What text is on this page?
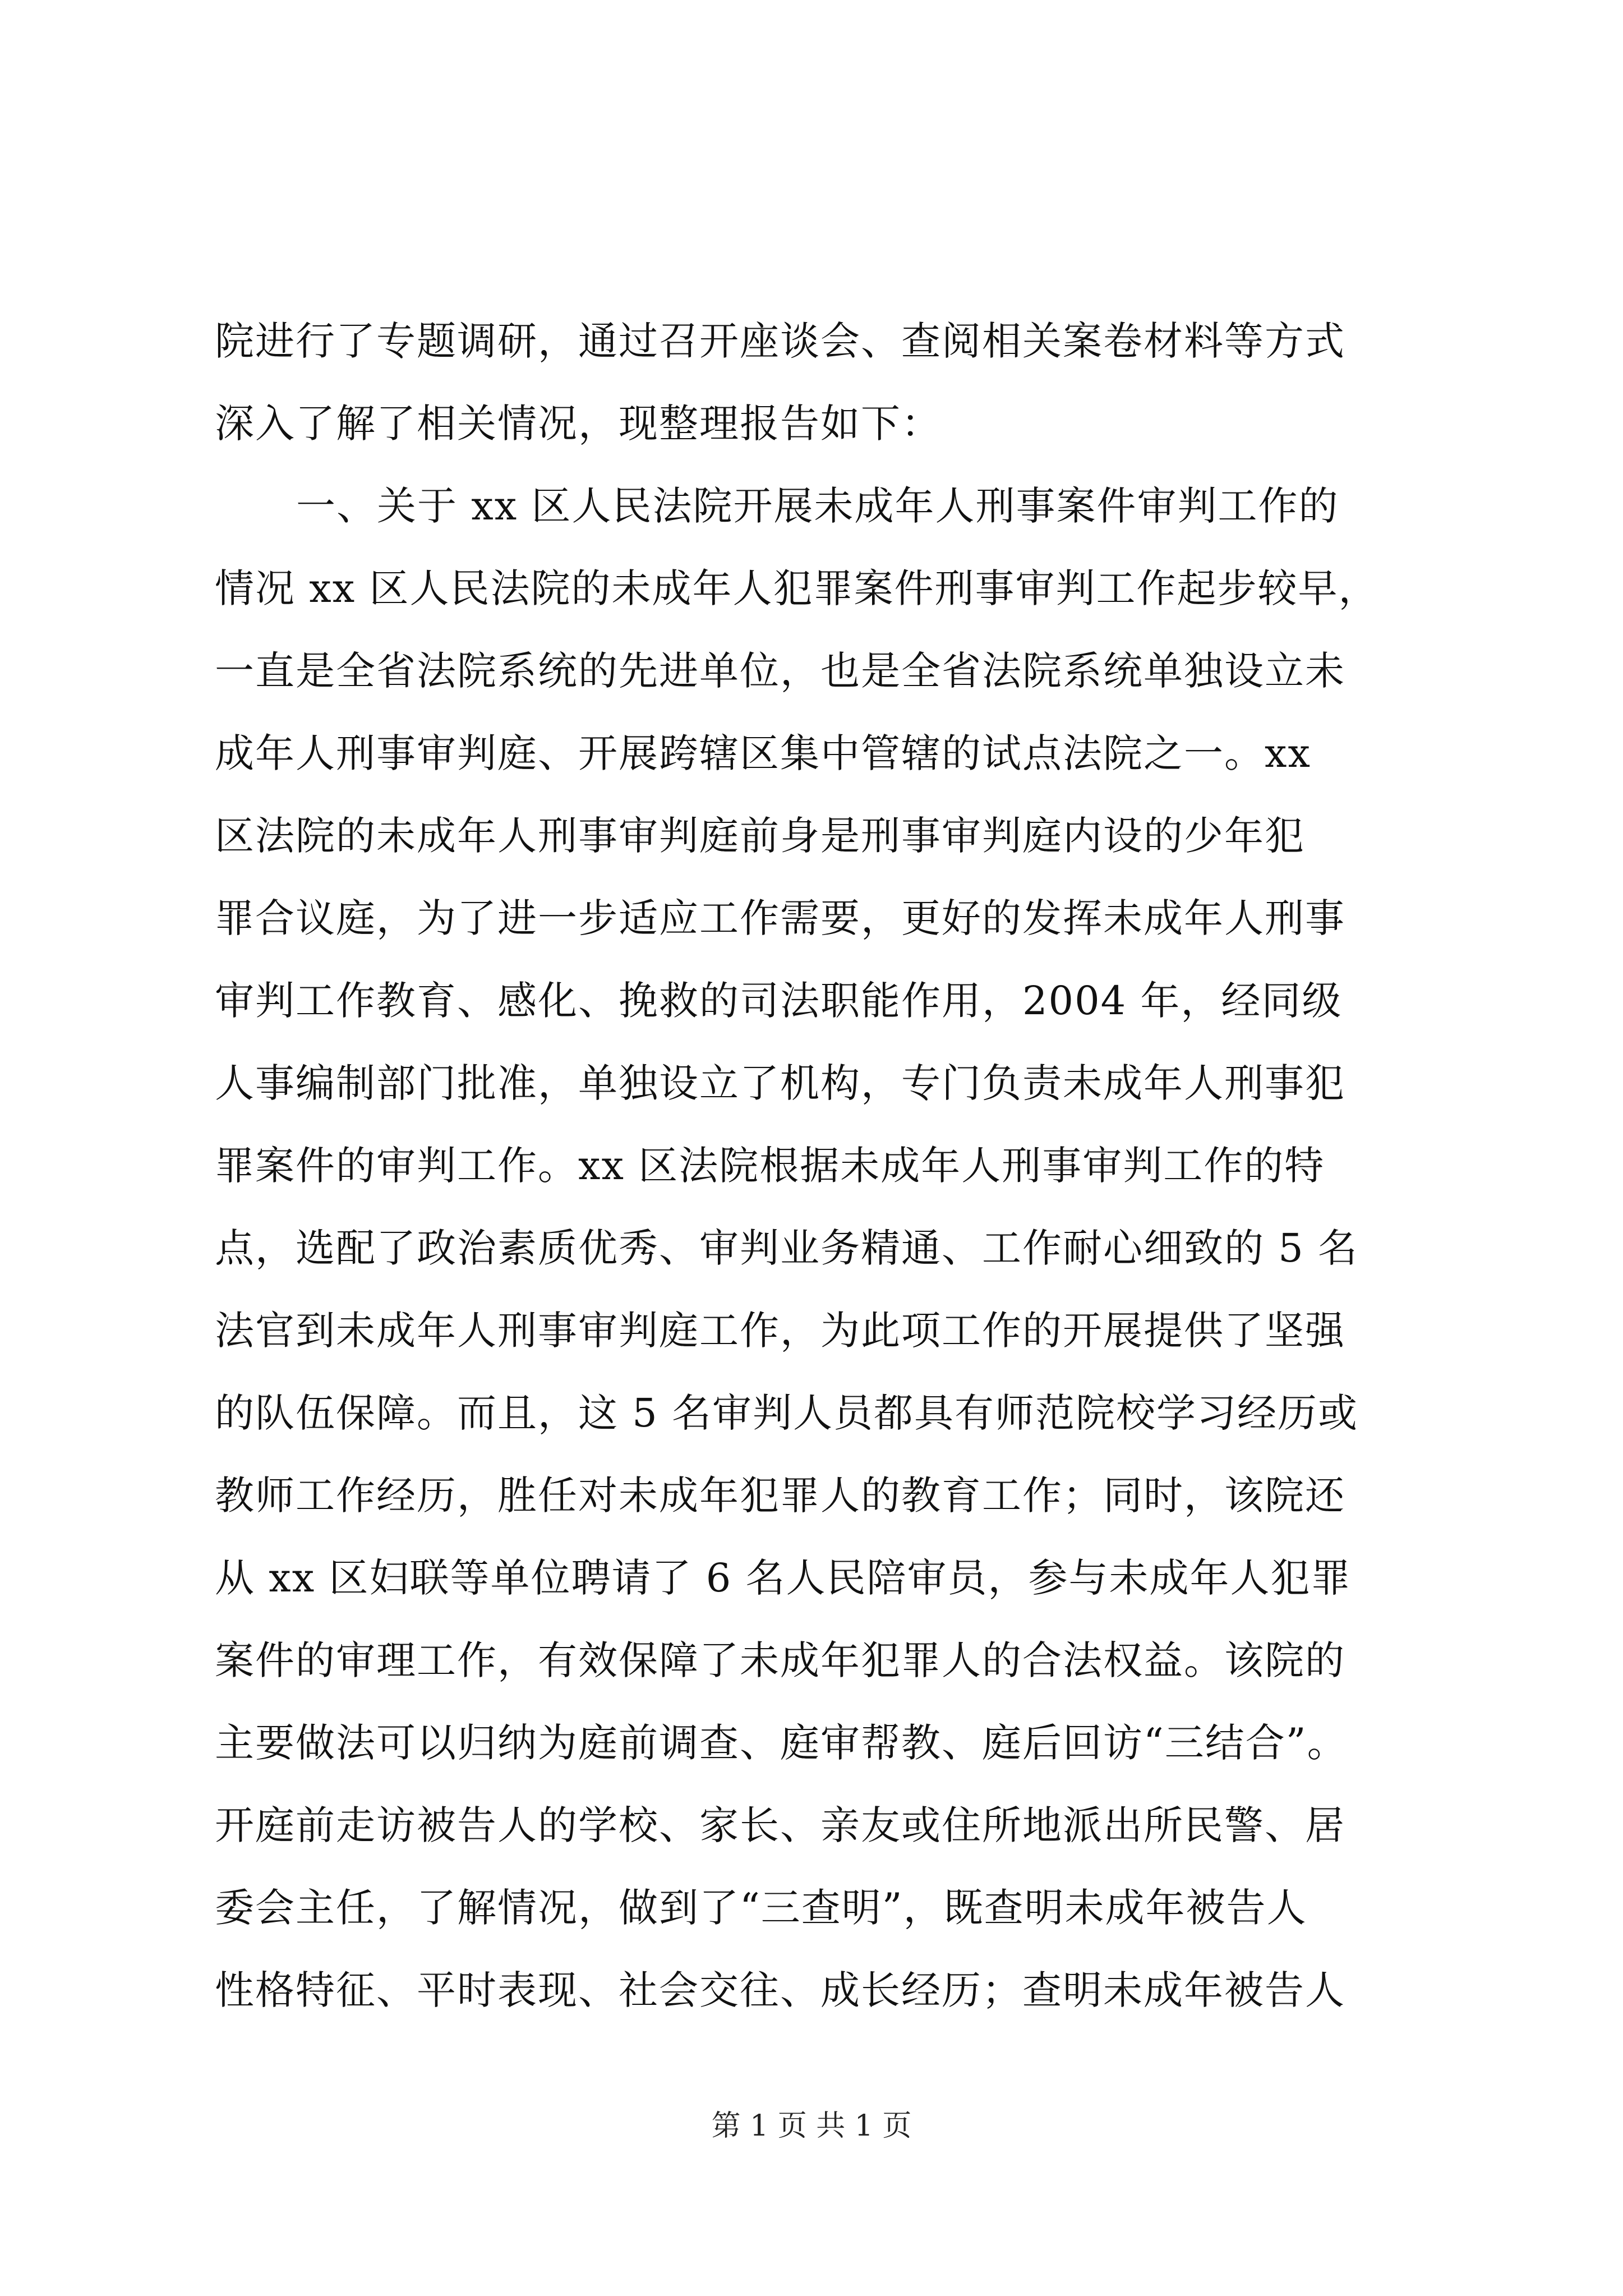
院进行了专题调研，通过召开座谈会、查阅相关案卷材料等方式
深入了解了相关情况，现整理报告如下：
一、关于 xx 区人民法院开展未成年人刑事案件审判工作的
情况 xx 区人民法院的未成年人犯罪案件刑事审判工作起步较早，
一直是全省法院系统的先进单位，也是全省法院系统单独设立未
成年人刑事审判庭、开展跨辖区集中管辖的试点法院之一。xx
区法院的未成年人刑事审判庭前身是刑事审判庭内设的少年犯
罪合议庭，为了进一步适应工作需要，更好的发挥未成年人刑事
审判工作教育、感化、挽救的司法职能作用，2004 年，经同级
人事编制部门批准，单独设立了机构，专门负责未成年人刑事犯
罪案件的审判工作。xx 区法院根据未成年人刑事审判工作的特
点，选配了政治素质优秀、审判业务精通、工作耐心细致的 5 名
法官到未成年人刑事审判庭工作，为此项工作的开展提供了坚强
的队伍保障。而且，这 5 名审判人员都具有师范院校学习经历或
教师工作经历，胜任对未成年犯罪人的教育工作；同时，该院还
从 xx 区妇联等单位聘请了 6 名人民陪审员，参与未成年人犯罪
案件的审理工作，有效保障了未成年犯罪人的合法权益。该院的
主要做法可以归纳为庭前调查、庭审帮教、庭后回访“三结合”。
开庭前走访被告人的学校、家长、亲友或住所地派出所民警、居
委会主任，了解情况，做到了“三查明”，既查明未成年被告人
性格特征、平时表现、社会交往、成长经历；查明未成年被告人
第 1 页 共 1 页
